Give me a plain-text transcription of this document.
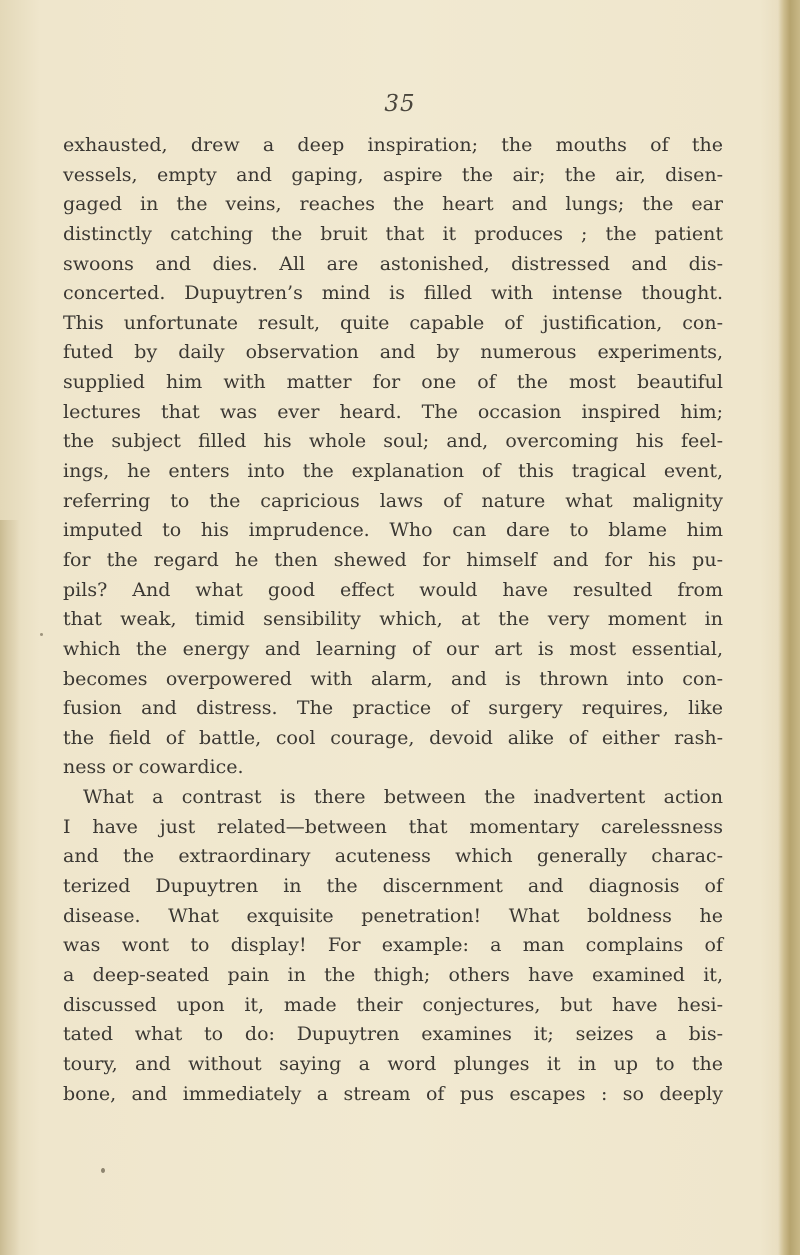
35

exhausted, drew a deep inspiration; the mouths of the
vessels, empty and gaping, aspire the air; the air, disen-
gaged in the veins, reaches the heart and lungs; the ear
distinctly catching the bruit that it produces ; the patient
swoons and dies. All are astonished, distressed and dis-
concerted. Dupuytren’s mind is filled with intense thought.
This unfortunate result, quite capable of justification, con-
futed by daily observation and by numerous experiments,
supplied him with matter for one of the most beautiful
lectures that was ever heard. The occasion inspired him;
the subject filled his whole soul; and, overcoming his feel-
ings, he enters into the explanation of this tragical event,
referring to the capricious laws of nature what malignity
imputed to his imprudence. Who can dare to blame him
for the regard he then shewed for himself and for his pu-
pils? And what good effect would have resulted from
that weak, timid sensibility which, at the very moment in
which the energy and learning of our art is most essential,
becomes overpowered with alarm, and is thrown into con-
fusion and distress. The practice of surgery requires, like
the field of battle, cool courage, devoid alike of either rash-
ness or cowardice.
What a contrast is there between the inadvertent action
I have just related—between that momentary carelessness
and the extraordinary acuteness which generally charac-
terized Dupuytren in the discernment and diagnosis of
disease. What exquisite penetration! What boldness he
was wont to display! For example: a man complains of
a deep-seated pain in the thigh; others have examined it,
discussed upon it, made their conjectures, but have hesi-
tated what to do: Dupuytren examines it; seizes a bis-
toury, and without saying a word plunges it in up to the
bone, and immediately a stream of pus escapes : so deeply
